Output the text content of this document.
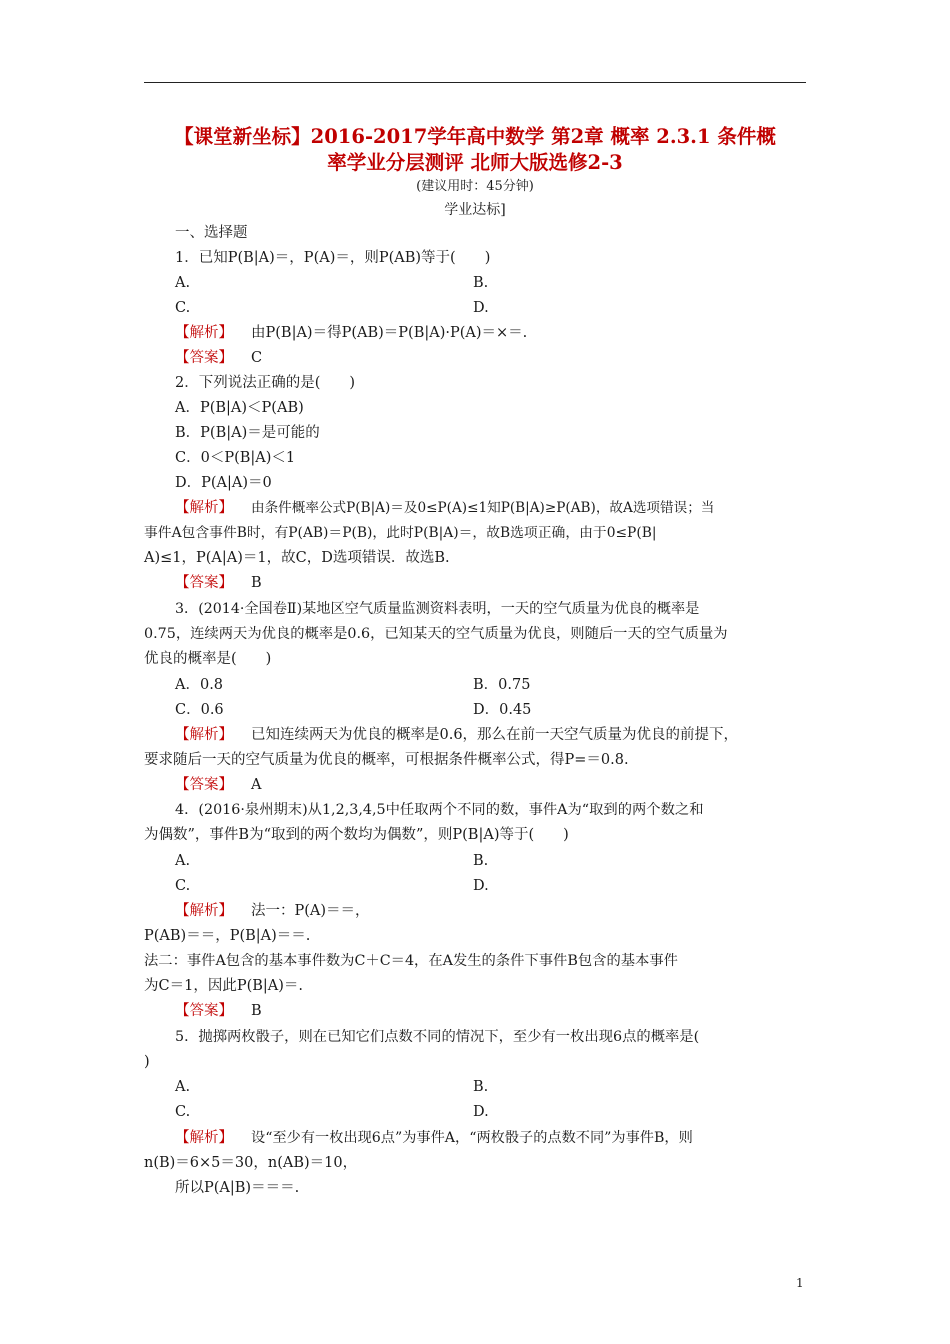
【课堂新坐标】2016-2017学年高中数学 第2章 概率 2.3.1 条件概
率学业分层测评 北师大版选修2-3
(建议用时：45分钟)
学业达标]
一、选择题
1．已知P(B|A)＝，P(A)＝，则P(AB)等于(　　)
A.	B.
C.	D.
【解析】 由P(B|A)＝得P(AB)＝P(B|A)·P(A)＝×＝.
【答案】 C
2．下列说法正确的是(　　)
A．P(B|A)＜P(AB)
B．P(B|A)＝是可能的
C．0＜P(B|A)＜1
D．P(A|A)＝0
【解析】 由条件概率公式P(B|A)＝及0≤P(A)≤1知P(B|A)≥P(AB)，故A选项错误；当
事件A包含事件B时，有P(AB)＝P(B)，此时P(B|A)＝，故B选项正确，由于0≤P(B|
A)≤1，P(A|A)＝1，故C，D选项错误．故选B.
【答案】 B
3．(2014·全国卷Ⅱ)某地区空气质量监测资料表明，一天的空气质量为优良的概率是
0.75，连续两天为优良的概率是0.6，已知某天的空气质量为优良，则随后一天的空气质量为
优良的概率是(　　)
A．0.8	B．0.75
C．0.6	D．0.45
【解析】 已知连续两天为优良的概率是0.6，那么在前一天空气质量为优良的前提下，
要求随后一天的空气质量为优良的概率，可根据条件概率公式，得P=＝0.8.
【答案】 A
4．(2016·泉州期末)从1,2,3,4,5中任取两个不同的数，事件A为“取到的两个数之和
为偶数”，事件B为“取到的两个数均为偶数”，则P(B|A)等于(　　)
A.	B.
C.	D.
【解析】 法一：P(A)＝＝，
P(AB)＝＝，P(B|A)＝＝.
法二：事件A包含的基本事件数为C＋C＝4，在A发生的条件下事件B包含的基本事件
为C＝1，因此P(B|A)＝.
【答案】 B
5．抛掷两枚骰子，则在已知它们点数不同的情况下，至少有一枚出现6点的概率是(
)
A.	B.
C.	D.
【解析】 设“至少有一枚出现6点”为事件A，“两枚骰子的点数不同”为事件B，则
n(B)＝6×5＝30，n(AB)＝10，
所以P(A|B)＝＝＝.
1
